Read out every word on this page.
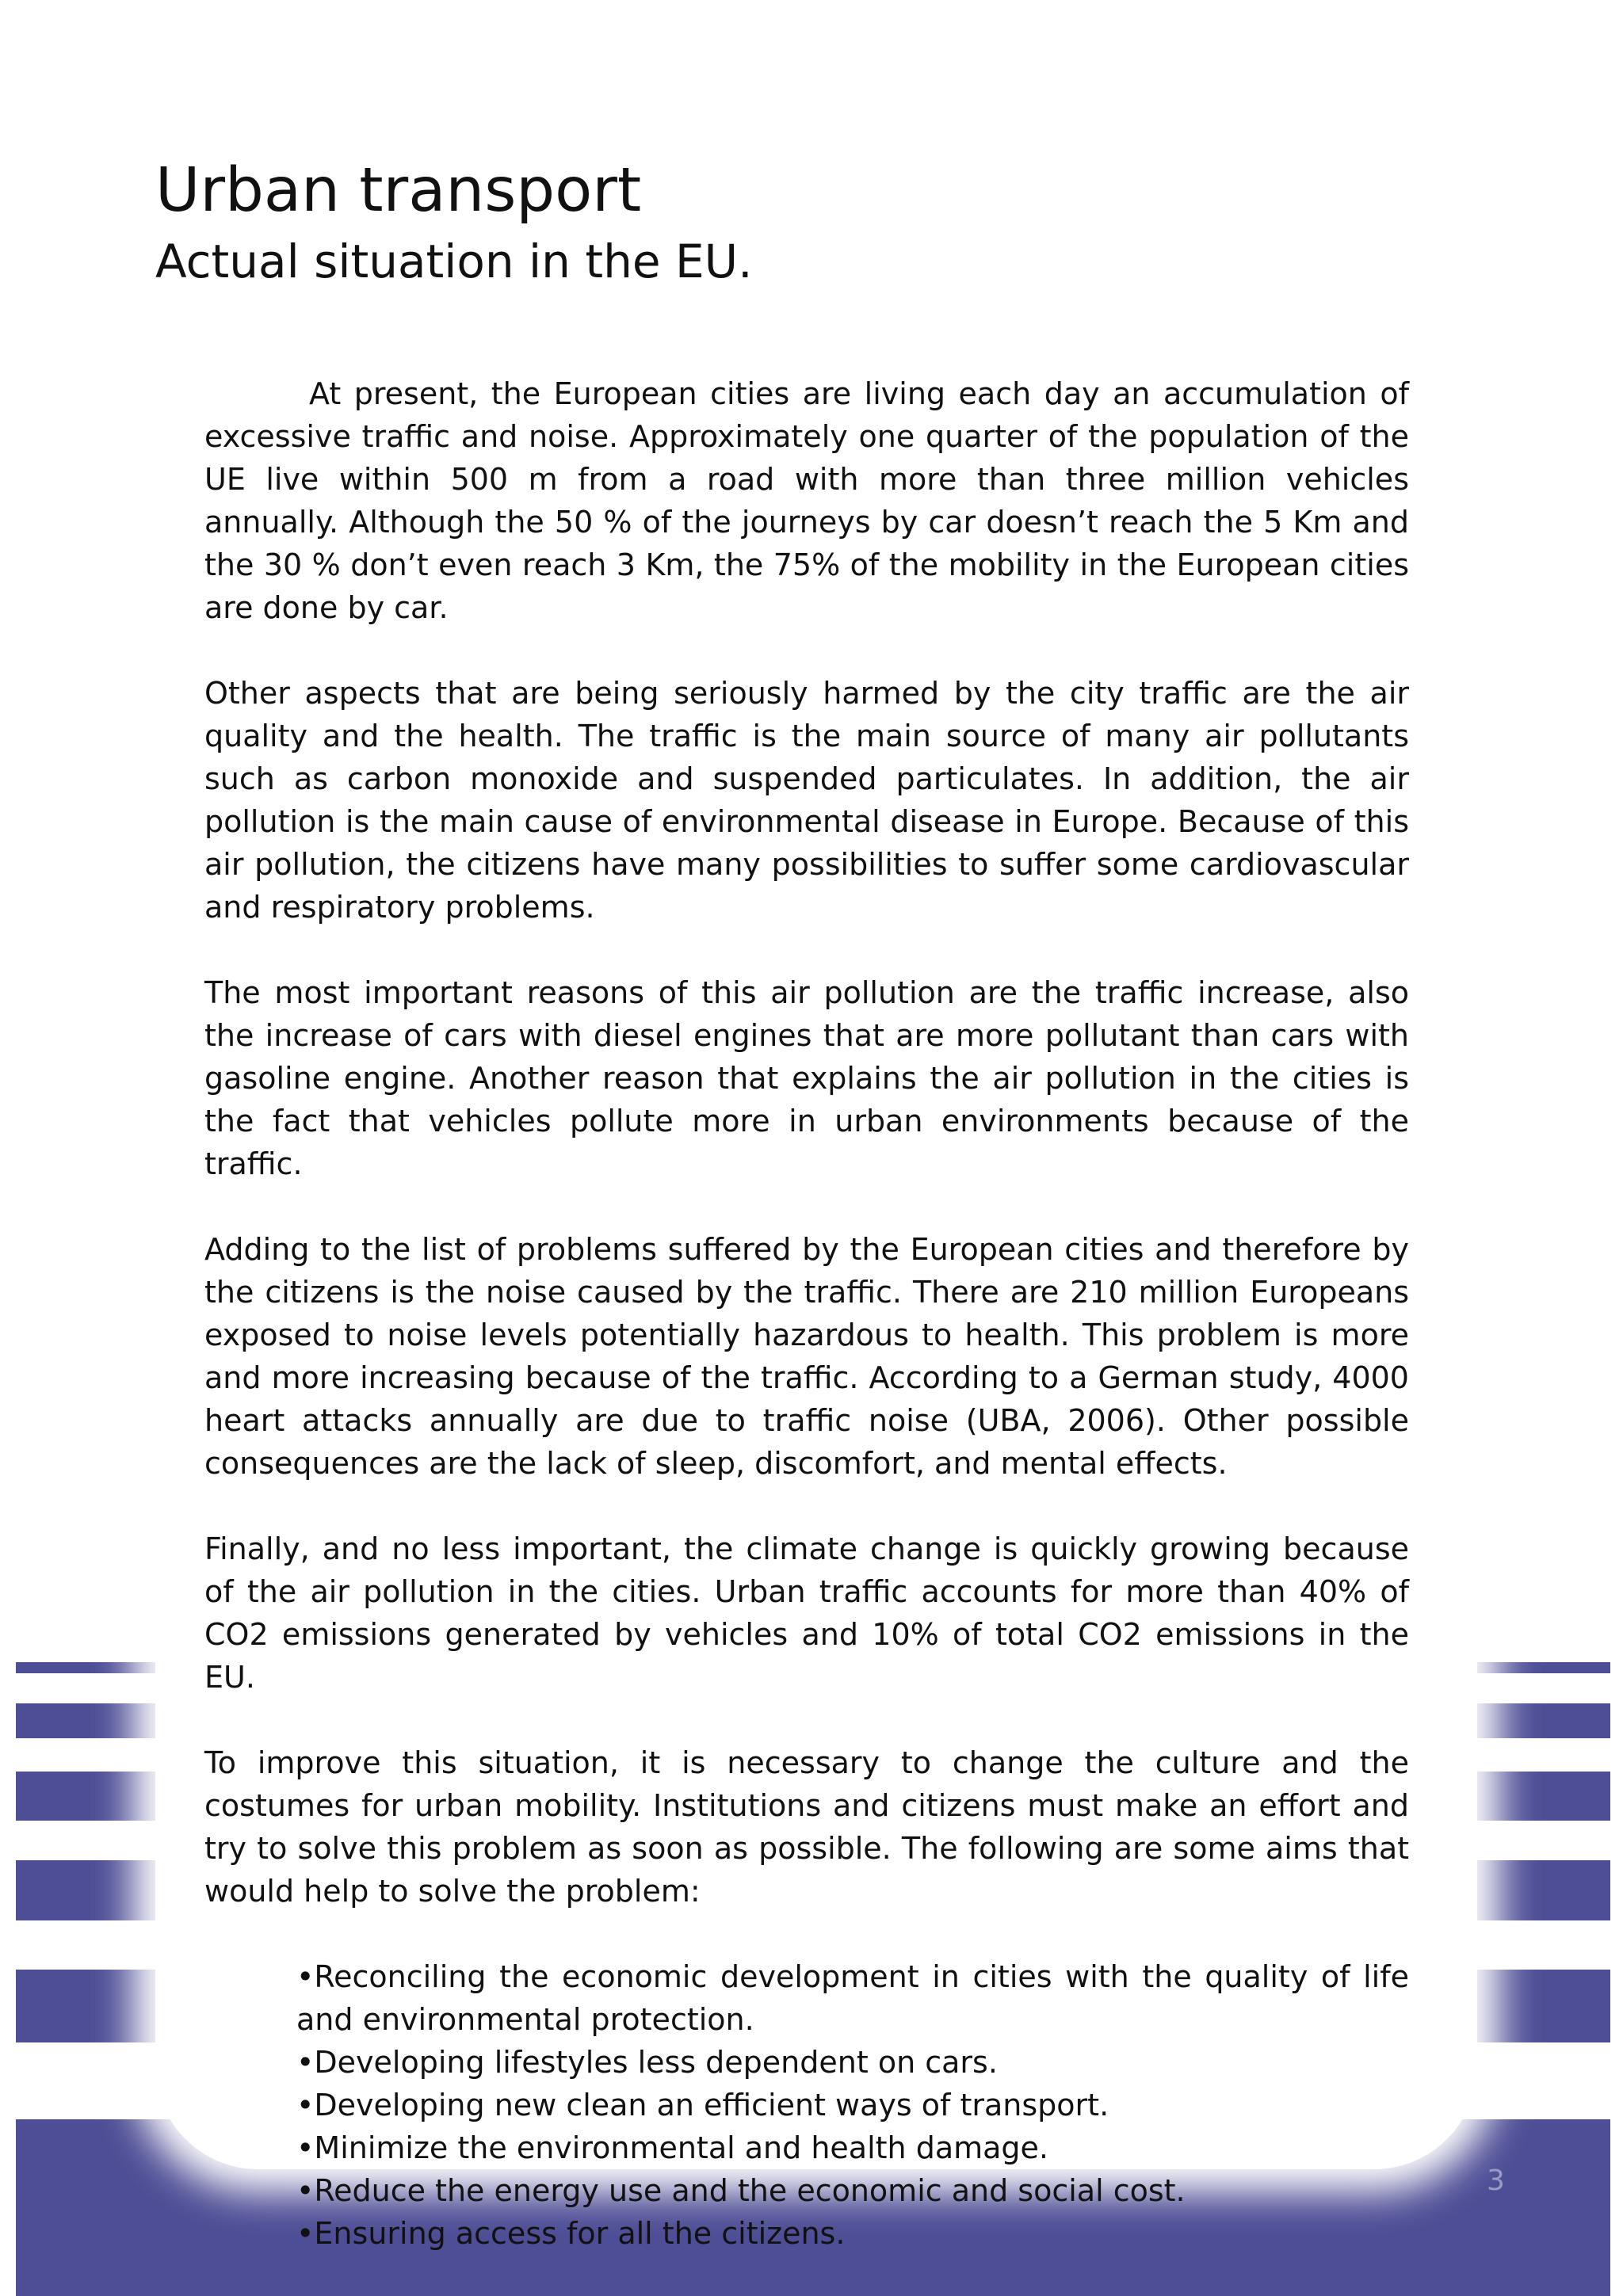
Urban transport
Actual situation in the EU.

At present, the European cities are living each day an accumulation of excessive traffic and noise. Approximately one quarter of the population of the UE live within 500 m from a road with more than three million vehicles annually. Although the 50 % of the journeys by car doesn’t reach the 5 Km and the 30 % don’t even reach 3 Km, the 75% of the mobility in the European cities are done by car.

Other aspects that are being seriously harmed by the city traffic are the air quality and the health. The traffic is the main source of many air pollutants such as carbon monoxide and suspended particulates. In addition, the air pollution is the main cause of environmental disease in Europe. Because of this air pollution, the citizens have many possibilities to suffer some cardiovascular and respiratory problems.

The most important reasons of this air pollution are the traffic increase, also the increase of cars with diesel engines that are more pollutant than cars with gasoline engine. Another reason that explains the air pollution in the cities is the fact that vehicles pollute more in urban environments because of the traffic.

Adding to the list of problems suffered by the European cities and therefore by the citizens is the noise caused by the traffic. There are 210 million Europeans exposed to noise levels potentially hazardous to health. This problem is more and more increasing because of the traffic. According to a German study, 4000 heart attacks annually are due to traffic noise (UBA, 2006). Other possible consequences are the lack of sleep, discomfort, and mental effects.

Finally, and no less important, the climate change is quickly growing because of the air pollution in the cities. Urban traffic accounts for more than 40% of CO2 emissions generated by vehicles and 10% of total CO2 emissions in the EU.

To improve this situation, it is necessary to change the culture and the costumes for urban mobility. Institutions and citizens must make an effort and try to solve this problem as soon as possible. The following are some aims that would help to solve the problem:

• Reconciling the economic development in cities with the quality of life and environmental protection.
• Developing lifestyles less dependent on cars.
• Developing new clean an efficient ways of transport.
• Minimize the environmental and health damage.
• Reduce the energy use and the economic and social cost.
• Ensuring access for all the citizens.
3
